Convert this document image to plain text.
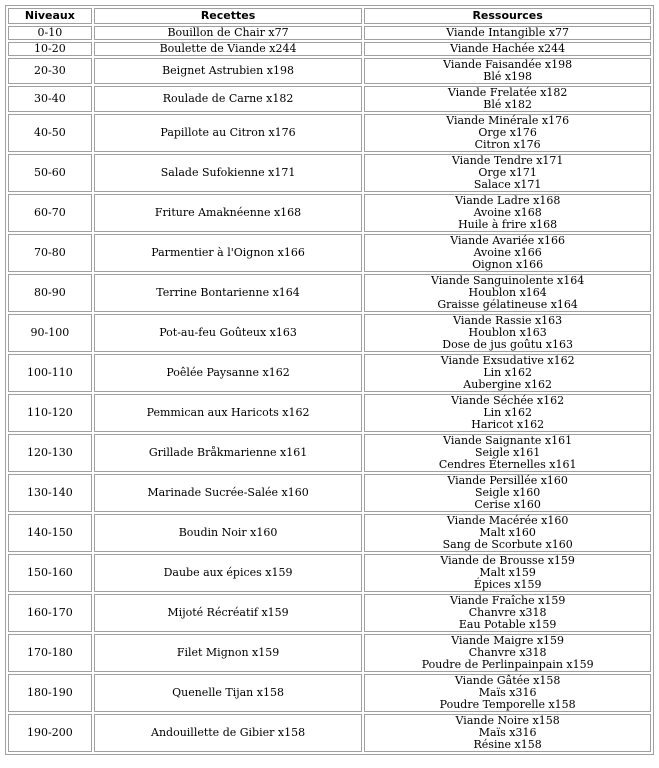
Niveaux	Recettes	Ressources
0-10	Bouillon de Chair x77	Viande Intangible x77

10-20	Boulette de Viande x244	Viande Hachée x244

20-30	Beignet Astrubien x198	Viande Faisandée x198
Blé x198

30-40	Roulade de Carne x182	Viande Frelatée x182
Blé x182

40-50	Papillote au Citron x176	Viande Minérale x176
Orge x176
Citron x176

50-60	Salade Sufokienne x171	Viande Tendre x171
Orge x171
Salace x171

60-70	Friture Amaknéenne x168	Viande Ladre x168
Avoine x168
Huile à frire x168

70-80	Parmentier à l'Oignon x166	Viande Avariée x166
Avoine x166
Oignon x166

80-90	Terrine Bontarienne x164	Viande Sanguinolente x164
Houblon x164
Graisse gélatineuse x164

90-100	Pot-au-feu Goûteux x163	Viande Rassie x163
Houblon x163
Dose de jus goûtu x163

100-110	Poêlée Paysanne x162	Viande Exsudative x162
Lin x162
Aubergine x162

110-120	Pemmican aux Haricots x162	Viande Séchée x162
Lin x162
Haricot x162

120-130	Grillade Bråkmarienne x161	Viande Saignante x161
Seigle x161
Cendres Éternelles x161

130-140	Marinade Sucrée-Salée x160	Viande Persillée x160
Seigle x160
Cerise x160

140-150	Boudin Noir x160	Viande Macérée x160
Malt x160
Sang de Scorbute x160

150-160	Daube aux épices x159	Viande de Brousse x159
Malt x159
Épices x159

160-170	Mijoté Récréatif x159	Viande Fraîche x159
Chanvre x318
Eau Potable x159

170-180	Filet Mignon x159	Viande Maigre x159
Chanvre x318
Poudre de Perlinpainpain x159

180-190	Quenelle Tijan x158	Viande Gâtée x158
Maïs x316
Poudre Temporelle x158

190-200	Andouillette de Gibier x158	Viande Noire x158
Maïs x316
Résine x158
